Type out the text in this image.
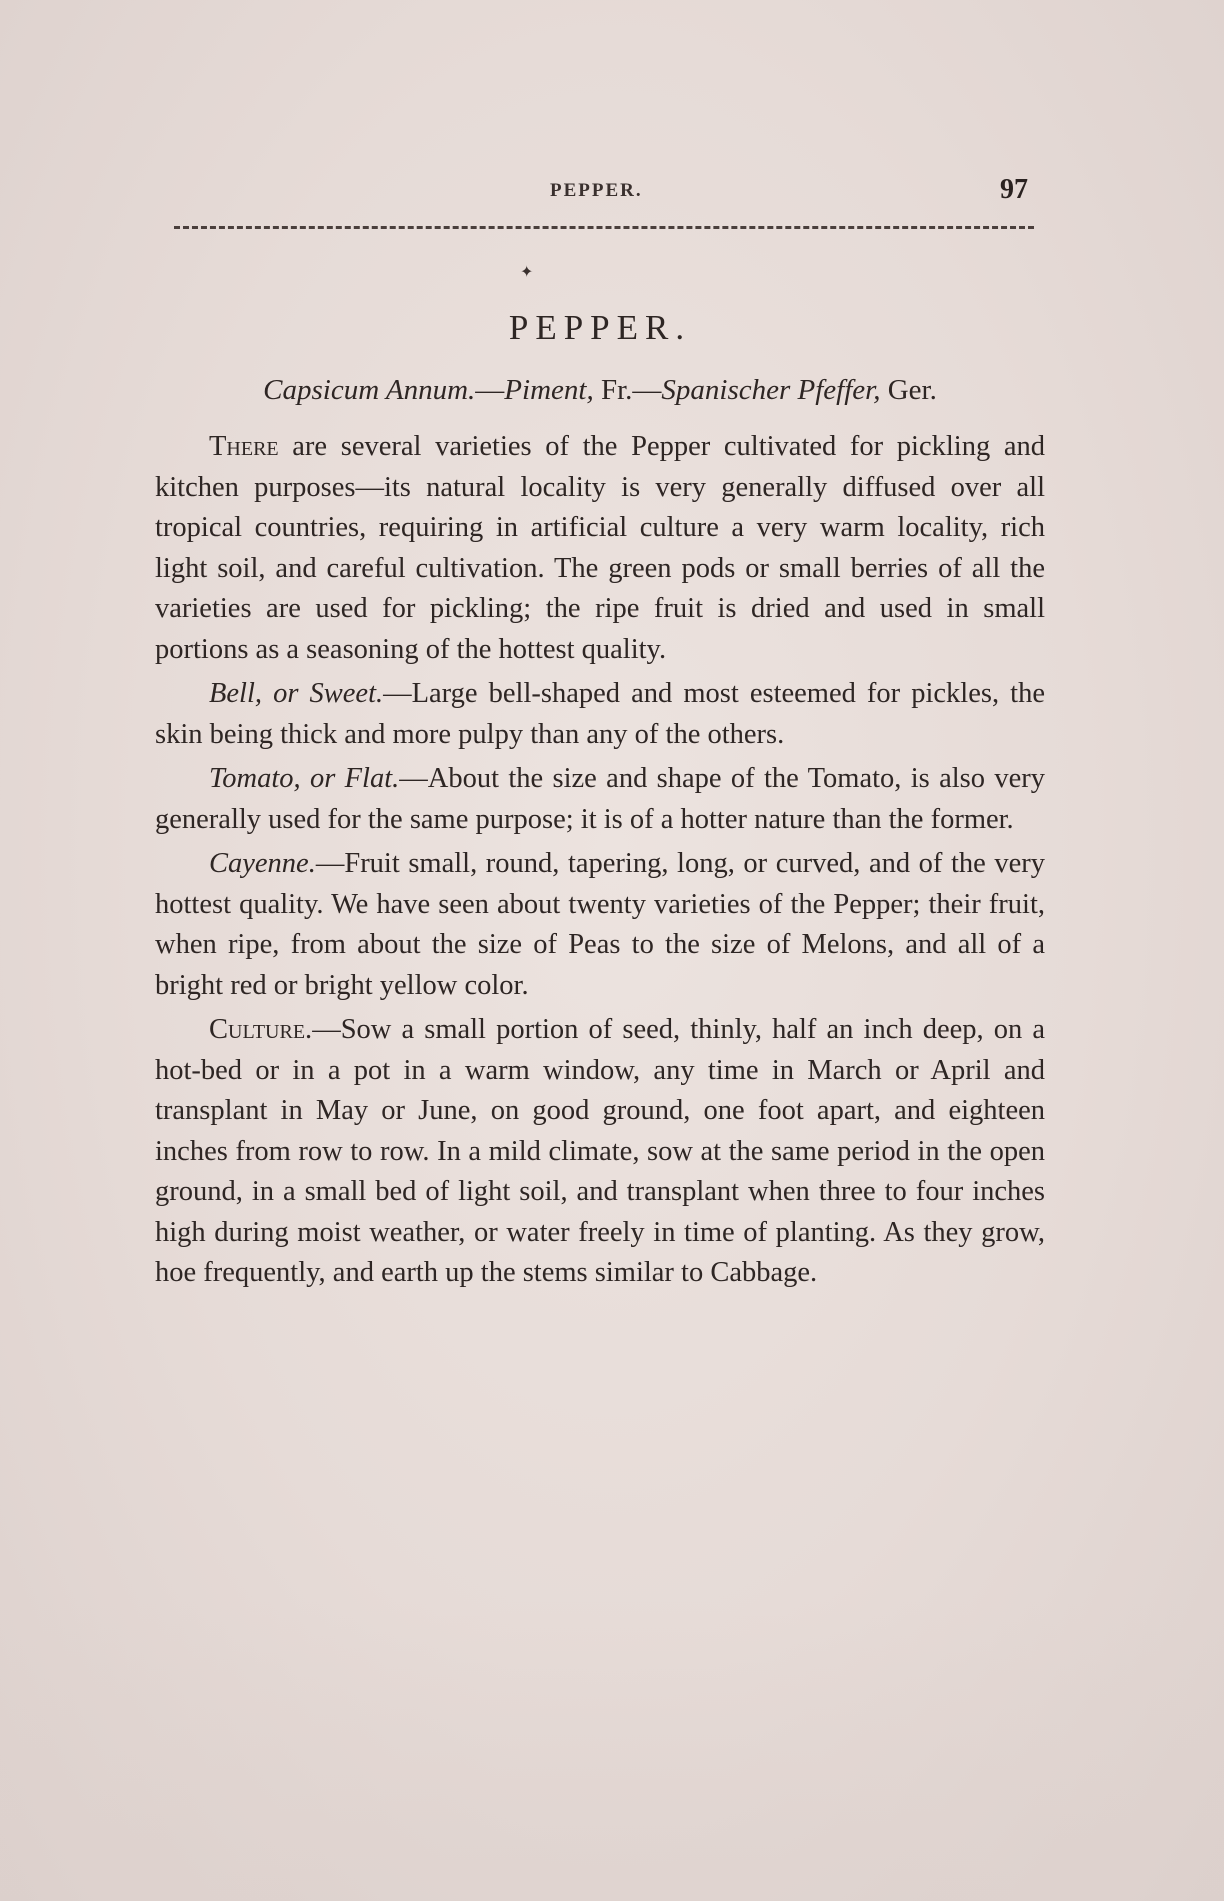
PEPPER.	97
✦
PEPPER.
Capsicum Annum.—Piment, Fr.—Spanischer Pfeffer, Ger.

There are several varieties of the Pepper cultivated for pickling and kitchen purposes—its natural locality is very generally diffused over all tropical countries, requiring in artificial culture a very warm locality, rich light soil, and careful cultivation. The green pods or small berries of all the varieties are used for pickling; the ripe fruit is dried and used in small portions as a seasoning of the hottest quality.

Bell, or Sweet.—Large bell-shaped and most esteemed for pickles, the skin being thick and more pulpy than any of the others.

Tomato, or Flat.—About the size and shape of the Tomato, is also very generally used for the same purpose; it is of a hotter nature than the former.

Cayenne.—Fruit small, round, tapering, long, or curved, and of the very hottest quality. We have seen about twenty varieties of the Pepper; their fruit, when ripe, from about the size of Peas to the size of Melons, and all of a bright red or bright yellow color.

Culture.—Sow a small portion of seed, thinly, half an inch deep, on a hot-bed or in a pot in a warm window, any time in March or April and transplant in May or June, on good ground, one foot apart, and eighteen inches from row to row. In a mild climate, sow at the same period in the open ground, in a small bed of light soil, and transplant when three to four inches high during moist weather, or water freely in time of planting. As they grow, hoe frequently, and earth up the stems similar to Cabbage.
